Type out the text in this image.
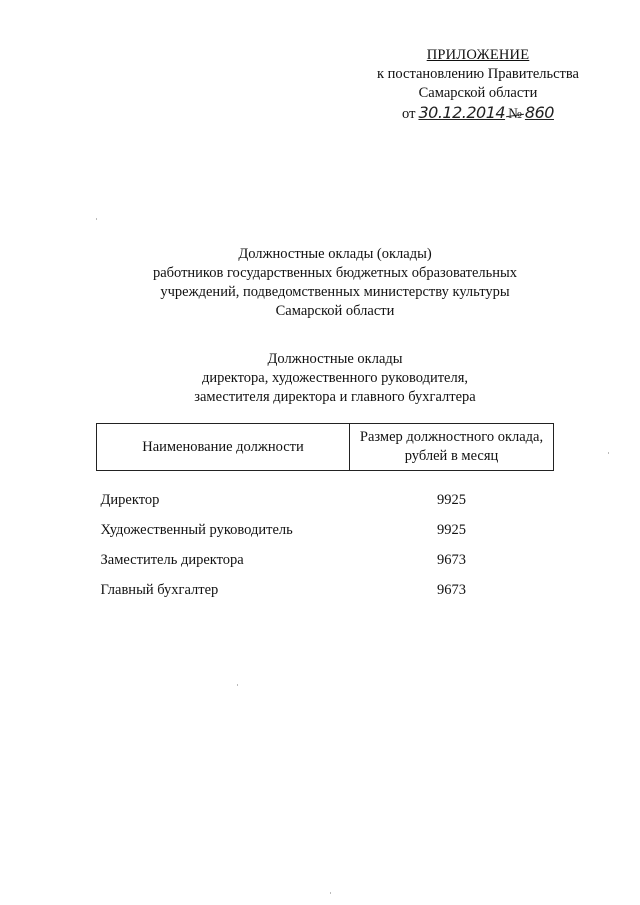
ПРИЛОЖЕНИЕ
к постановлению Правительства
Самарской области
от 30.12.2014 № 860
Должностные оклады (оклады)
работников государственных бюджетных образовательных
учреждений, подведомственных министерству культуры
Самарской области
Должностные оклады
директора, художественного руководителя,
заместителя директора и главного бухгалтера
Наименование должности	Размер должностного оклада, рублей в месяц
Директор	9925
Художественный руководитель	9925
Заместитель директора	9673
Главный бухгалтер	9673
